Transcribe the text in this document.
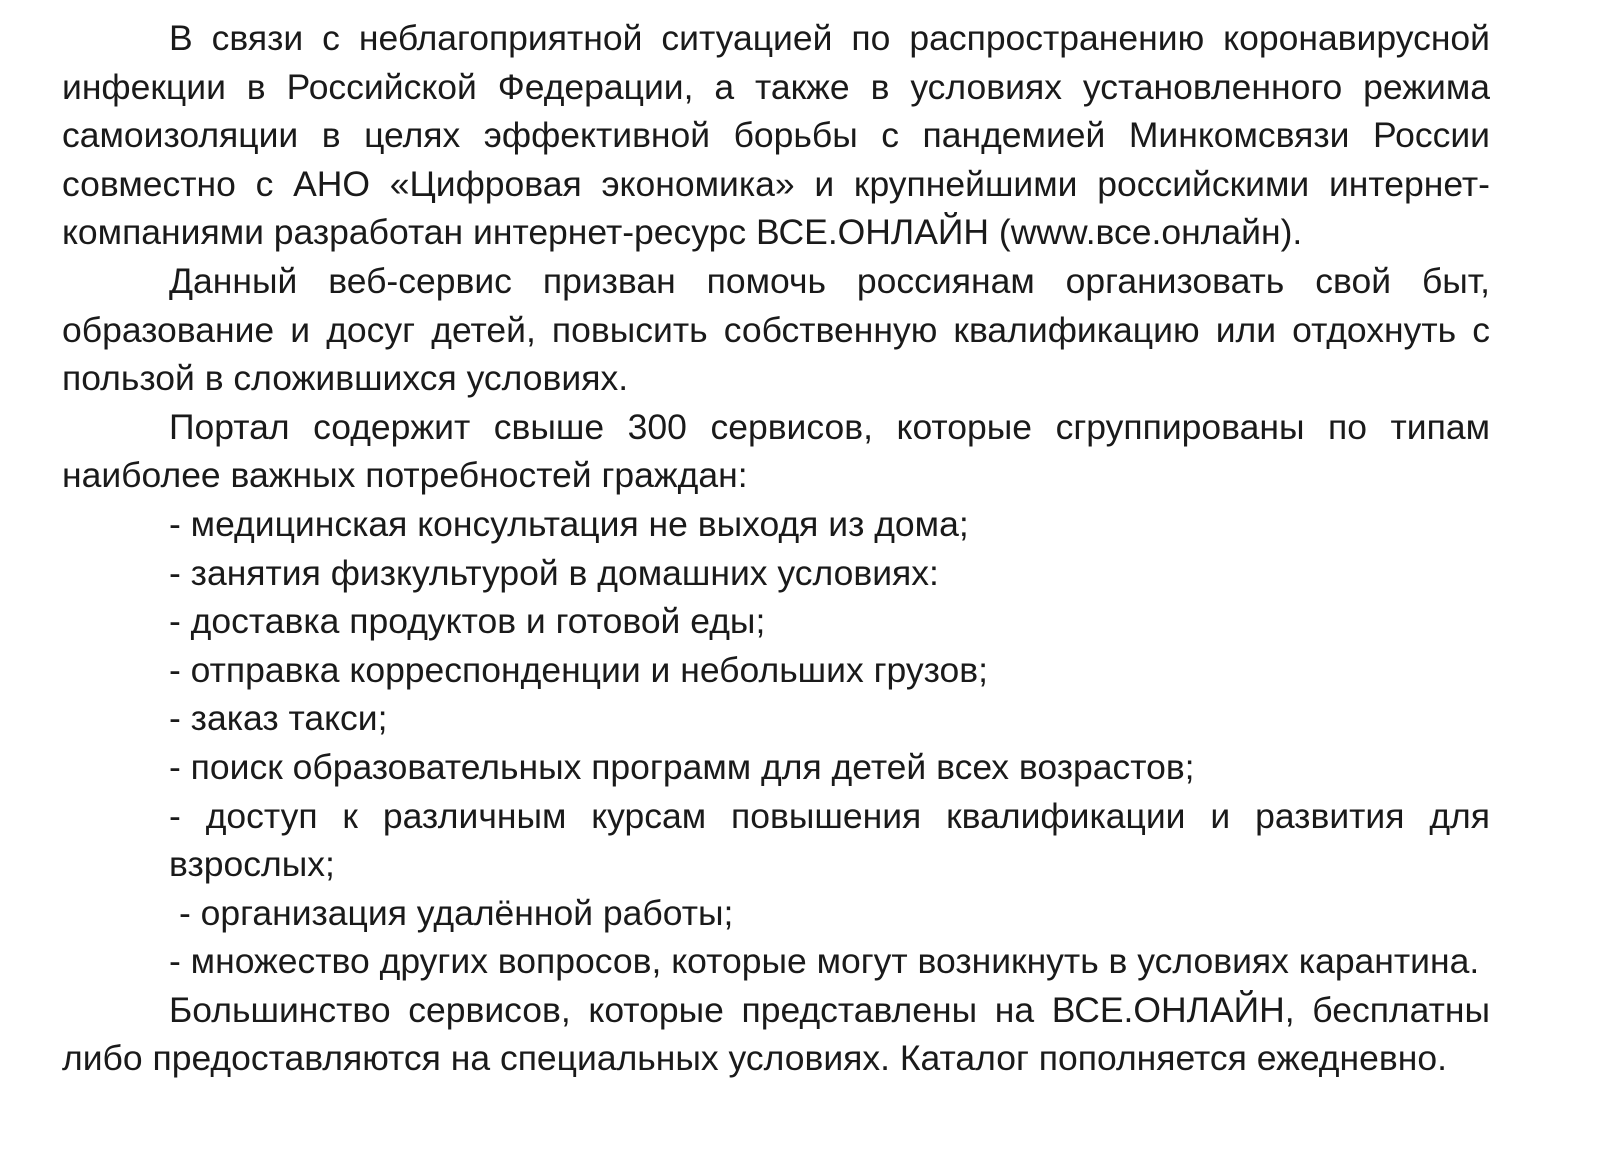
В связи с неблагоприятной ситуацией по распространению коронавирусной инфекции в Российской Федерации, а также в условиях установленного режима самоизоляции в целях эффективной борьбы с пандемией Минкомсвязи России совместно с АНО «Цифровая экономика» и крупнейшими российскими интернет-компаниями разработан интернет-ресурс ВСЕ.ОНЛАЙН (www.все.онлайн).

Данный веб-сервис призван помочь россиянам организовать свой быт, образование и досуг детей, повысить собственную квалификацию или отдохнуть с пользой в сложившихся условиях.

Портал содержит свыше 300 сервисов, которые сгруппированы по типам наиболее важных потребностей граждан:

- медицинская консультация не выходя из дома;
- занятия физкультурой в домашних условиях:
- доставка продуктов и готовой еды;
- отправка корреспонденции и небольших грузов;
- заказ такси;
- поиск образовательных программ для детей всех возрастов;
- доступ к различным курсам повышения квалификации и развития для взрослых;
- организация удалённой работы;
- множество других вопросов, которые могут возникнуть в условиях карантина.

Большинство сервисов, которые представлены на ВСЕ.ОНЛАЙН, бесплатны либо предоставляются на специальных условиях. Каталог пополняется ежедневно.
